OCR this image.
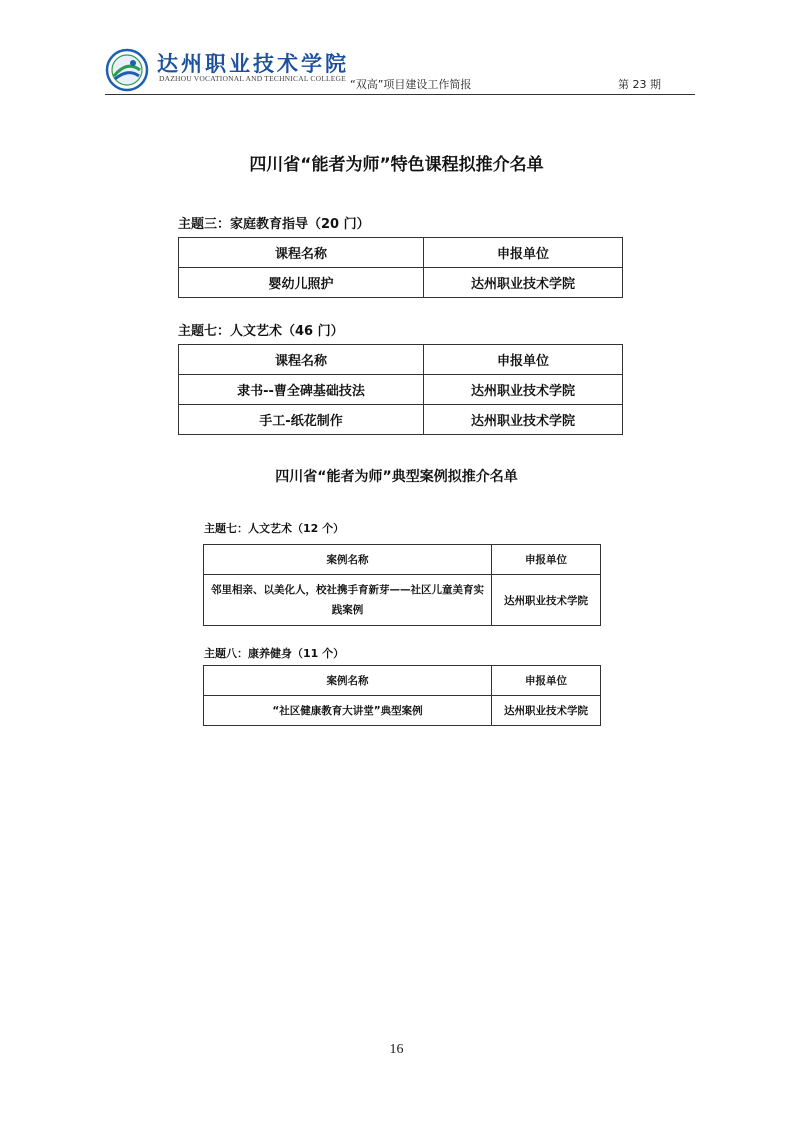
达州职业技术学院
DAZHOU VOCATIONAL AND TECHNICAL COLLEGE “双高”项目建设工作简报	第 23 期
四川省“能者为师”特色课程拟推介名单
主题三：家庭教育指导（20 门）
课程名称	申报单位
婴幼儿照护	达州职业技术学院
主题七：人文艺术（46 门）
课程名称	申报单位
隶书--曹全碑基础技法	达州职业技术学院
手工-纸花制作	达州职业技术学院
四川省“能者为师”典型案例拟推介名单
主题七：人文艺术（12 个）
案例名称	申报单位
邻里相亲、以美化人，校社携手育新芽——社区儿童美育实践案例	达州职业技术学院
主题八：康养健身（11 个）
案例名称	申报单位
“社区健康教育大讲堂”典型案例	达州职业技术学院
16
